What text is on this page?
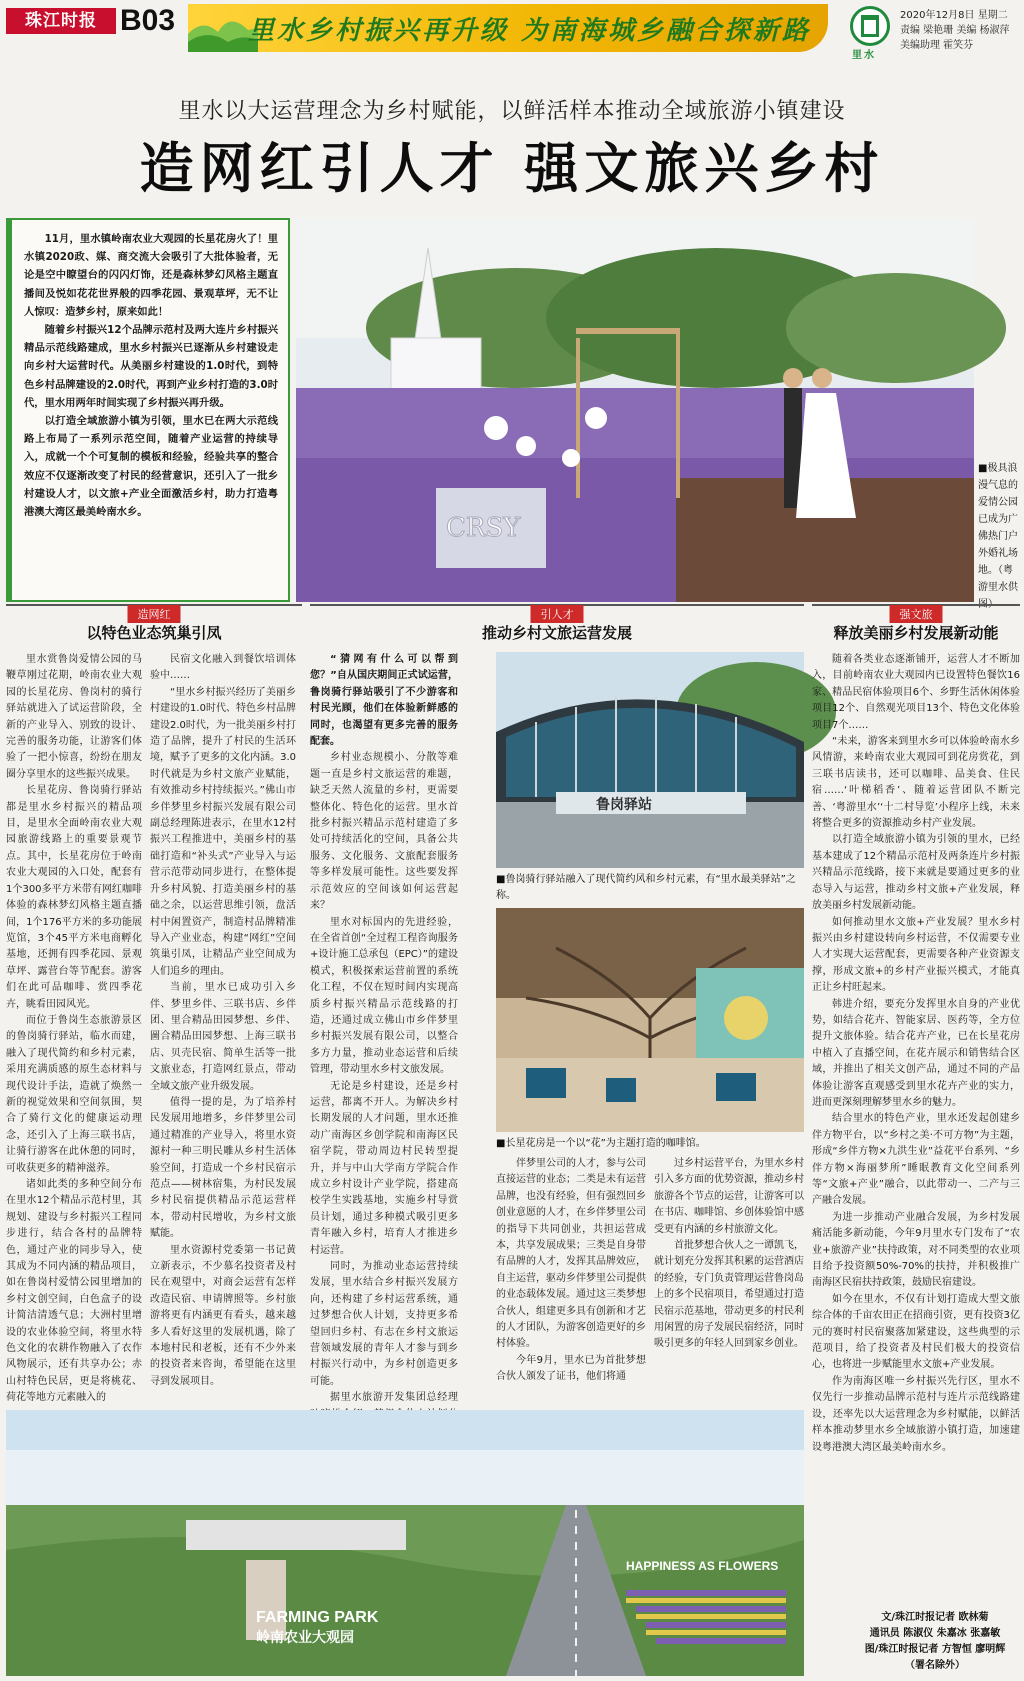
珠江时报 B03	里水乡村振兴再升级 为南海城乡融合探新路
里水
2020年12月8日 星期二
责编 梁艳珊 美编 杨淑萍
美编助理 霍笑芬
里水以大运营理念为乡村赋能，以鲜活样本推动全域旅游小镇建设
造网红引人才 强文旅兴乡村

11月，里水镇岭南农业大观园的长星花房火了！里水镇2020政、媒、商交流大会吸引了大批体验者，无论是空中瞭望台的闪闪灯饰，还是森林梦幻风格主题直播间及悦如花花世界般的四季花园、景观草坪，无不让人惊叹：造梦乡村，原来如此！

随着乡村振兴12个品牌示范村及两大连片乡村振兴精品示范线路建成，里水乡村振兴已逐渐从乡村建设走向乡村大运营时代。从美丽乡村建设的1.0时代，到特色乡村品牌建设的2.0时代，再到产业乡村打造的3.0时代，里水用两年时间实现了乡村振兴再升级。

以打造全域旅游小镇为引领，里水已在两大示范线路上布局了一系列示范空间，随着产业运营的持续导入，成就一个个可复制的模板和经验，经验共享的整合效应不仅逐渐改变了村民的经营意识，还引入了一批乡村建设人才，以文旅+产业全面激活乡村，助力打造粤港澳大湾区最美岭南水乡。

CRSY
■极具浪漫气息的爱情公园已成为广佛热门户外婚礼场地。（粤游里水供图）
造网红
以特色业态筑巢引凤
引人才
推动乡村文旅运营发展
强文旅
释放美丽乡村发展新动能

里水赏鲁岗爱情公园的马鞭草刚过花期，岭南农业大观园的长星花房、鲁岗村的骑行驿站就进入了试运营阶段，全新的产业导入、别致的设计、完善的服务功能，让游客们体验了一把小惊喜，纷纷在朋友圈分享里水的这些振兴成果。

长星花房、鲁岗骑行驿站都是里水乡村振兴的精品项目，是里水全面岭南农业大观园旅游线路上的重要景观节点。其中，长星花房位于岭南农业大观园的入口处，配套有1个300多平方米带有网红咖啡体验的森林梦幻风格主题直播间，1个176平方米的多功能展览馆，3个45平方米电商孵化基地，还拥有四季花园、景观草坪、露营台等节配套。游客们在此可品咖啡、赏四季花卉，眺看田园风光。

而位于鲁岗生态旅游景区的鲁岗骑行驿站，临水而建，融入了现代简约和乡村元素，采用充满质感的原生态材料与现代设计手法，造就了焕然一新的视觉效果和空间氛围，契合了骑行文化的健康运动理念，还引入了上海三联书店，让骑行游客在此休憩的同时，可收获更多的精神滋养。

诸如此类的多种空间分布在里水12个精品示范村里，其规划、建设与乡村振兴工程同步进行，结合各村的品牌特色，通过产业的同步导入，使其成为不同内涵的精品项目，如在鲁岗村爱情公园里增加的乡村文创空间，白色盒子的设计简洁清透气息；大洲村里增设的农业体验空间，将里水特色文化的农耕作物融入了衣作风物展示，还有共享办公；赤山村特色民居，更是将桃花、荷花等地方元素融入的

民宿文化融入到餐饮培训体验中……

“里水乡村振兴经历了美丽乡村建设的1.0时代、特色乡村品牌建设2.0时代，为一批美丽乡村打造了品牌，提升了村民的生活环境，赋予了更多的文化内涵。3.0时代就是为乡村文旅产业赋能，有效推动乡村持续振兴。”佛山市乡伴梦里乡村振兴发展有限公司副总经理陈进表示，在里水12村振兴工程推进中，美丽乡村的基础打造和“补头式”产业导入与运营示范带动同步进行，在整体提升乡村风貌、打造美丽乡村的基础之余，以运营思维引领，盘活村中闲置资产，制造村品牌精准导入产业业态，构建“网红”空间筑巢引凤，让精品产业空间成为人们追乡的理由。

当前，里水已成功引入乡伴、梦里乡伴、三联书店、乡伴团、里合精品田园梦想、乡伴、圖合精品田园梦想、上海三联书店、贝壳民宿、简单生活等一批文旅业态，打造网红景点，带动全域文旅产业升级发展。

值得一提的是，为了培养村民发展用地增多，乡伴梦里公司通过精准的产业导入，将里水资源村一种三明民雕从乡村生活体验空间，打造成一个乡村民宿示范点——树林宿集，为村民发展乡村民宿提供精品示范运营样本，带动村民增收，为乡村文旅赋能。

里水资源村党委第一书记黄立新表示，不少慕名投资者及村民在观望中，对商会运营有怎样改造民宿、申请牌照等。乡村旅游将更有内涵更有看头，越来越多人看好这里的发展机遇，除了本地村民和老板，还有不少外来的投资者来咨询，希望能在这里寻到发展项目。

“猜网有什么可以帮到您？”自从国庆期间正式试运营，鲁岗骑行驿站吸引了不少游客和村民光顾，他们在体验新鲜感的同时，也渴望有更多完善的服务配套。

乡村业态规模小、分散等难题一直是乡村文旅运营的难题，缺乏天然人流量的乡村，更需要整体化、特色化的运营。里水首批乡村振兴精品示范村建造了多处可持续活化的空间，具备公共服务、文化服务、文旅配套服务等多样发展可能性。这些要发挥示范效应的空间该如何运营起来？

里水对标国内的先进经验，在全省首创“全过程工程咨询服务+设计施工总承包（EPC）”的建设模式，积极探索运营前置的系统化工程，不仅在短时间内实现高质乡村振兴精品示范线路的打造，还通过成立佛山市乡伴梦里乡村振兴发展有限公司，以整合多方力量，推动业态运营和后续管理，带动里水乡村文旅发展。

无论是乡村建设，还是乡村运营，都离不开人。为解决乡村长期发展的人才问题，里水还推动广南海区乡创学院和南海区民宿学院，带动周边村民转型提升，并与中山大学南方学院合作成立乡村设计产业学院，搭建高校学生实践基地，实施乡村导赏员计划，通过多种模式吸引更多青年融入乡村，培育人才推进乡村运营。

同时，为推动业态运营持续发展，里水结合乡村振兴发展方向，还构建了乡村运营系统，通过梦想合伙人计划，支持更多希望回归乡村、有志在乡村文旅运营领域发展的青年人才参与到乡村振兴行动中，为乡村创造更多可能。

据里水旅游开发集团总经理

鲁岗驿站
■鲁岗骑行驿站融入了现代简约风和乡村元素，有“里水最美驿站”之称。
■长星花房是一个以“花”为主题打造的咖啡馆。

伴梦里公司的人才，参与公司直接运营的业态；二类是未有运营品牌，也没有经验，但有强烈回乡创业意愿的人才，在乡伴梦里公司的指导下共同创业，共担运营成本，共享发展成果；三类是自身带有品牌的人才，发挥其品牌效应，自主运营，驱动乡伴梦里公司提供的业态载体发展。通过这三类梦想合伙人，组建更多具有创新和才艺的人才团队，为游客创造更好的乡村体验。

今年9月，里水已为首批梦想合伙人颁发了证书，他们将通

过乡村运营平台，为里水乡村引入多方面的优势资源，推动乡村旅游各个节点的运营，让游客可以在书店、咖啡馆、乡创体验馆中感受更有内涵的乡村旅游文化。

首批梦想合伙人之一谭凯飞，就计划充分发挥其积累的运营酒店的经验，专门负责管理运营鲁岗岛上的多个民宿项目，希望通过打造民宿示范基地，带动更多的村民利用闲置的房子发展民宿经济，同时吸引更多的年轻人回到家乡创业。

随着各类业态逐渐铺开，运营人才不断加入，目前岭南农业大观园内已设置特色餐饮16家、精品民宿体验项目6个、乡野生活休闲体验项目12个、自然观光项目13个、特色文化体验项目7个……

“未来，游客来到里水乡可以体验岭南水乡风情游，来岭南农业大观园可到花房赏花，到三联书店读书，还可以咖啡、品美食、住民宿……‘叶梯稻香’、随着运营团队不断完善、‘粤游里水’‘十二村导览’小程序上线，未来将整合更多的资源推动乡村产业发展。

以打造全域旅游小镇为引领的里水，已经基本建成了12个精品示范村及两条连片乡村振兴精品示范线路，接下来就是要通过更多的业态导入与运营，推动乡村文旅+产业发展，释放美丽乡村发展新动能。

如何推动里水文旅+产业发展？里水乡村振兴由乡村建设转向乡村运营，不仅需要专业人才实现大运营配套，更需要各种产业资源支撑，形成文旅+的乡村产业振兴模式，才能真正让乡村旺起来。

韩进介绍，要充分发挥里水自身的产业优势，如结合花卉、智能家居、医药等，全方位提升文旅体验。结合花卉产业，已在长星花房中植入了直播空间，在花卉展示和销售结合区域，并推出了相关文创产品，通过不同的产品体验让游客直观感受到里水花卉产业的实力，进而更深刻理解梦里水乡的魅力。

结合里水的特色产业，里水还发起创建乡伴方物平台，以“乡村之美·不可方物”为主题，形成“乡伴方物×九洪生业”益花平台系列、“乡伴方物×海丽梦所”睡眠教育文化空间系列等“文旅+产业”融合，以此带动一、二产与三产融合发展。

为进一步推动产业融合发展，为乡村发展痛活能多新动能，今年9月里水专门发布了“农业+旅游产业”扶持政策，对不同类型的农业项目给予投资额50%-70%的扶持，并积极推广南海区民宿扶持政策，鼓励民宿建设。

如今在里水，不仅有计划打造成大型文旅综合体的千亩农田正在招商引资，更有投资3亿元的赛时村民宿聚落加紧建设，这些典型的示范项目，给了投资者及村民们极大的投资信心，也将进一步赋能里水文旅+产业发展。

作为南海区唯一乡村振兴先行区，里水不仅先行一步推动品牌示范村与连片示范线路建设，还率先以大运营理念为乡村赋能，以鲜活样本推动梦里水乡全域旅游小镇打造，加速建设粤港澳大湾区最美岭南水乡。

FARMING PARK
岭南农业大观园
HAPPINESS AS FLOWERS
文/珠江时报记者 欧林菊
通讯员 陈淑仪 朱嘉冰 张嘉敏
图/珠江时报记者 方智恒 廖明辉
（署名除外）
